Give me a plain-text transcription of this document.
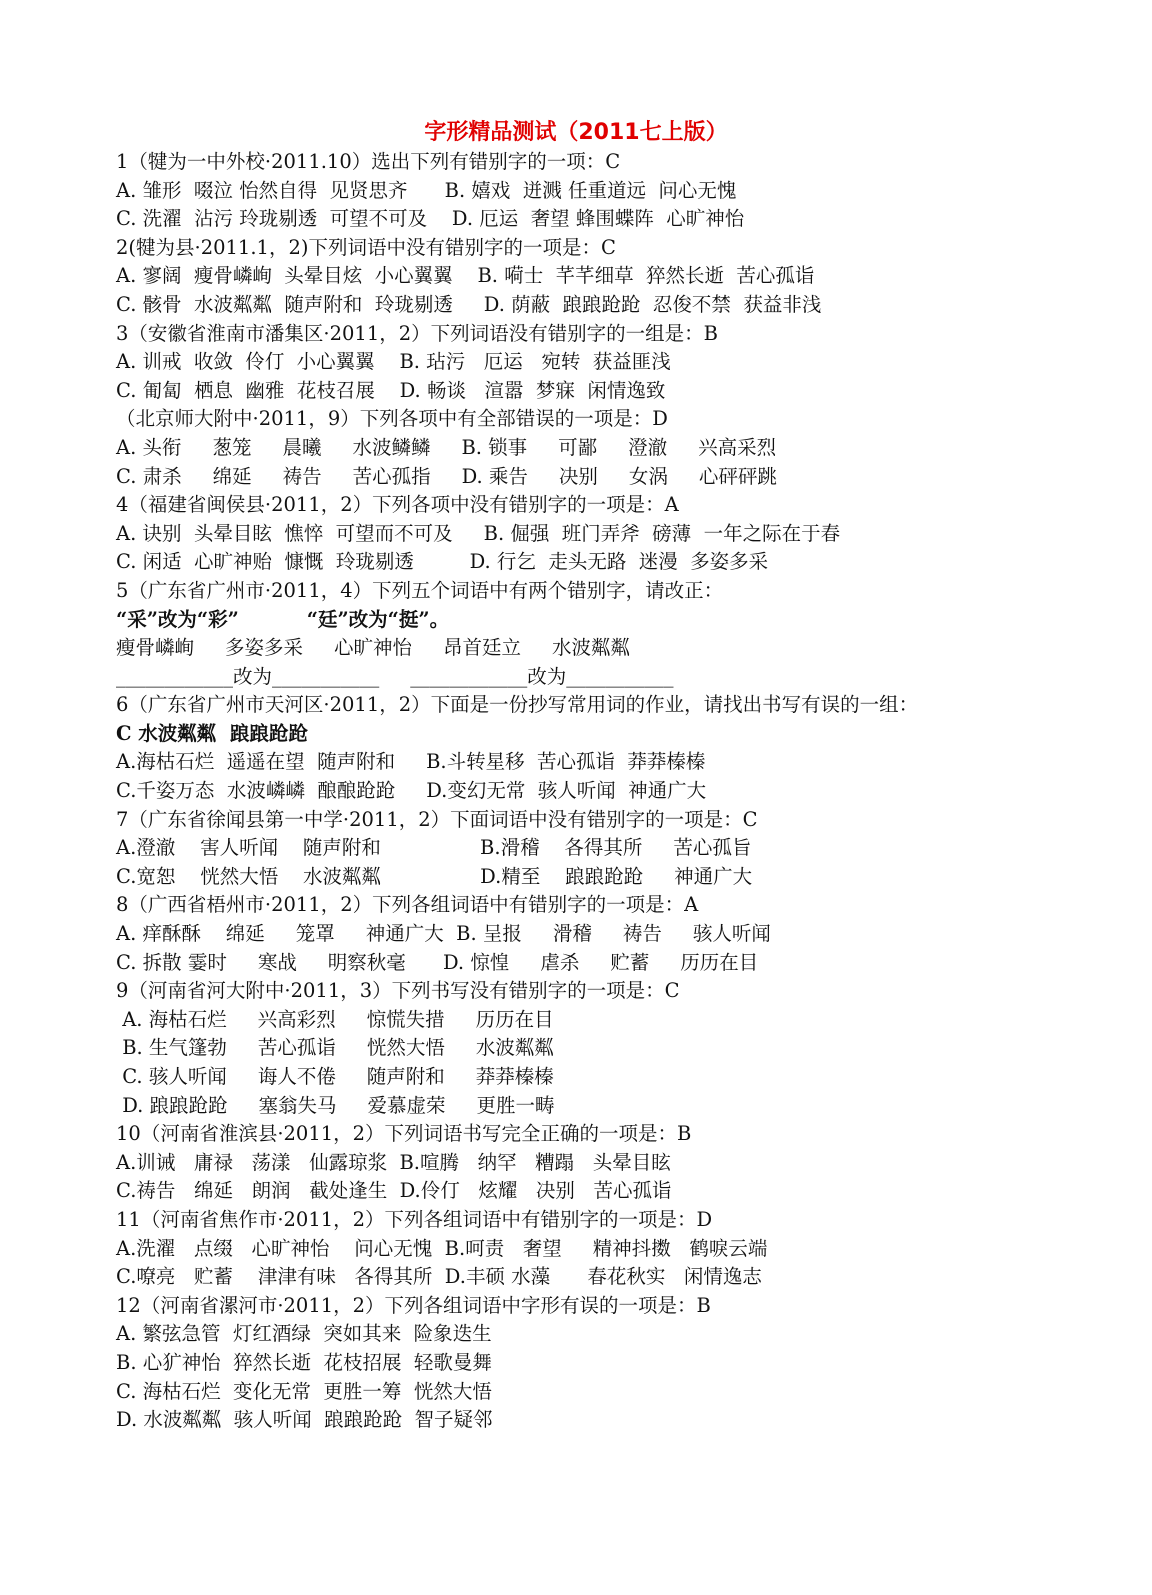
字形精品测试（2011七上版）
1（犍为一中外校·2011.10）选出下列有错别字的一项：C
A. 雏形  啜泣 怡然自得  见贤思齐      B. 嬉戏  迸溅 任重道远  问心无愧
C. 洗濯  沾污 玲珑剔透  可望不可及    D. 厄运  奢望 蜂围蝶阵  心旷神怡
2(犍为县·2011.1，2)下列词语中没有错别字的一项是：C
A. 寥阔  瘦骨嶙峋  头晕目炫  小心翼翼    B. 嗬士  芊芊细草  猝然长逝  苦心孤诣
C. 骸骨  水波粼粼  随声附和  玲珑剔透     D. 荫蔽  踉踉跄跄  忍俊不禁  获益非浅
3（安徽省淮南市潘集区·2011，2）下列词语没有错别字的一组是：B
A. 训戒  收敛  伶仃  小心翼翼    B. 玷污   厄运   宛转  获益匪浅
C. 匍匐  栖息  幽雅  花枝召展    D. 畅谈   渲嚣  梦寐  闲情逸致
（北京师大附中·2011，9）下列各项中有全部错误的一项是：D
A. 头衔     葱笼     晨曦     水波鳞鳞     B. 锁事     可鄙     澄澈     兴高采烈
C. 肃杀     绵延     祷告     苦心孤指     D. 乘告     决别     女涡     心砰砰跳
4（福建省闽侯县·2011，2）下列各项中没有错别字的一项是：A
A. 诀别  头晕目眩  憔悴  可望而不可及     B. 倔强  班门弄斧  磅薄  一年之际在于春
C. 闲适  心旷神贻  慷慨  玲珑剔透         D. 行乞  走头无路  迷漫  多姿多采
5（广东省广州市·2011，4）下列五个词语中有两个错别字，请改正：
“采”改为“彩”          “廷”改为“挺”。
瘦骨嶙峋     多姿多采     心旷神怡     昂首廷立     水波粼粼
____________改为___________     ____________改为___________
6（广东省广州市天河区·2011，2）下面是一份抄写常用词的作业，请找出书写有误的一组：
C 水波粼粼  踉踉跄跄
A.海枯石烂  遥遥在望  随声附和     B.斗转星移  苦心孤诣  莽莽榛榛
C.千姿万态  水波嶙嶙  酿酿跄跄     D.变幻无常  骇人听闻  神通广大
7（广东省徐闻县第一中学·2011，2）下面词语中没有错别字的一项是：C
A.澄澈    害人听闻    随声附和                B.滑稽    各得其所     苦心孤旨
C.宽恕    恍然大悟    水波粼粼                D.精至    踉踉跄跄     神通广大
8（广西省梧州市·2011，2）下列各组词语中有错别字的一项是：A
A. 痒酥酥    绵延     笼罩     神通广大  B. 呈报     滑稽     祷告     骇人听闻
C. 拆散 霎时     寒战     明察秋毫      D. 惊惶     虐杀     贮蓄     历历在目
9（河南省河大附中·2011，3）下列书写没有错别字的一项是：C
A. 海枯石烂     兴高彩烈     惊慌失措     历历在目
B. 生气篷勃     苦心孤诣     恍然大悟     水波粼粼
C. 骇人听闻     诲人不倦     随声附和     莽莽榛榛
D. 踉踉跄跄     塞翁失马     爱慕虚荣     更胜一畴
10（河南省淮滨县·2011，2）下列词语书写完全正确的一项是：B
A.训诫   庸禄   荡漾   仙露琼浆  B.喧腾   纳罕   糟蹋   头晕目眩
C.祷告   绵延   朗润   截处逢生  D.伶仃   炫耀   决别   苦心孤诣
11（河南省焦作市·2011，2）下列各组词语中有错别字的一项是：D
A.洗濯   点缀   心旷神怡    问心无愧  B.呵责   奢望     精神抖擞   鹤唳云端
C.嘹亮   贮蓄    津津有味   各得其所  D.丰硕 水藻      春花秋实   闲情逸志
12（河南省漯河市·2011，2）下列各组词语中字形有误的一项是：B
A. 繁弦急管  灯红酒绿  突如其来  险象迭生
B. 心犷神怡  猝然长逝  花枝招展  轻歌曼舞
C. 海枯石烂  变化无常  更胜一筹  恍然大悟
D. 水波粼粼  骇人听闻  踉踉跄跄  智子疑邻
